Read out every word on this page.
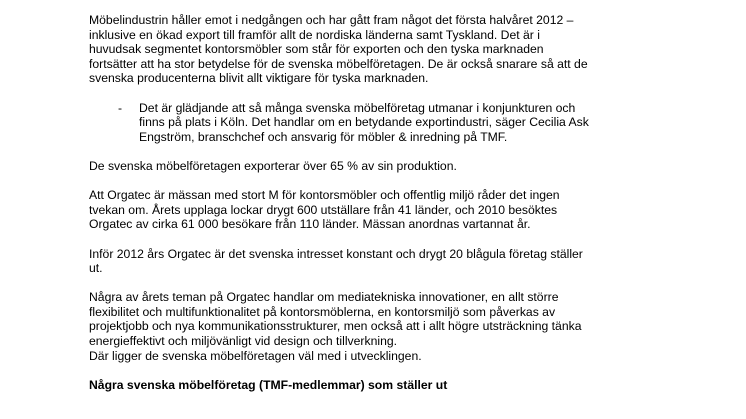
Möbelindustrin håller emot i nedgången och har gått fram något det första halvåret 2012 –
inklusive en ökad export till framför allt de nordiska länderna samt Tyskland. Det är i
huvudsak segmentet kontorsmöbler som står för exporten och den tyska marknaden
fortsätter att ha stor betydelse för de svenska möbelföretagen. De är också snarare så att de
svenska producenterna blivit allt viktigare för tyska marknaden.

- Det är glädjande att så många svenska möbelföretag utmanar i konjunkturen och
finns på plats i Köln. Det handlar om en betydande exportindustri, säger Cecilia Ask
Engström, branschchef och ansvarig för möbler & inredning på TMF.

De svenska möbelföretagen exporterar över 65 % av sin produktion.

Att Orgatec är mässan med stort M för kontorsmöbler och offentlig miljö råder det ingen
tvekan om. Årets upplaga lockar drygt 600 utställare från 41 länder, och 2010 besöktes
Orgatec av cirka 61 000 besökare från 110 länder. Mässan anordnas vartannat år.

Inför 2012 års Orgatec är det svenska intresset konstant och drygt 20 blågula företag ställer
ut.

Några av årets teman på Orgatec handlar om mediatekniska innovationer, en allt större
flexibilitet och multifunktionalitet på kontorsmöblerna, en kontorsmiljö som påverkas av
projektjobb och nya kommunikationsstrukturer, men också att i allt högre utsträckning tänka
energieffektivt och miljövänligt vid design och tillverkning.

Där ligger de svenska möbelföretagen väl med i utvecklingen.

Några svenska möbelföretag (TMF-medlemmar) som ställer ut
